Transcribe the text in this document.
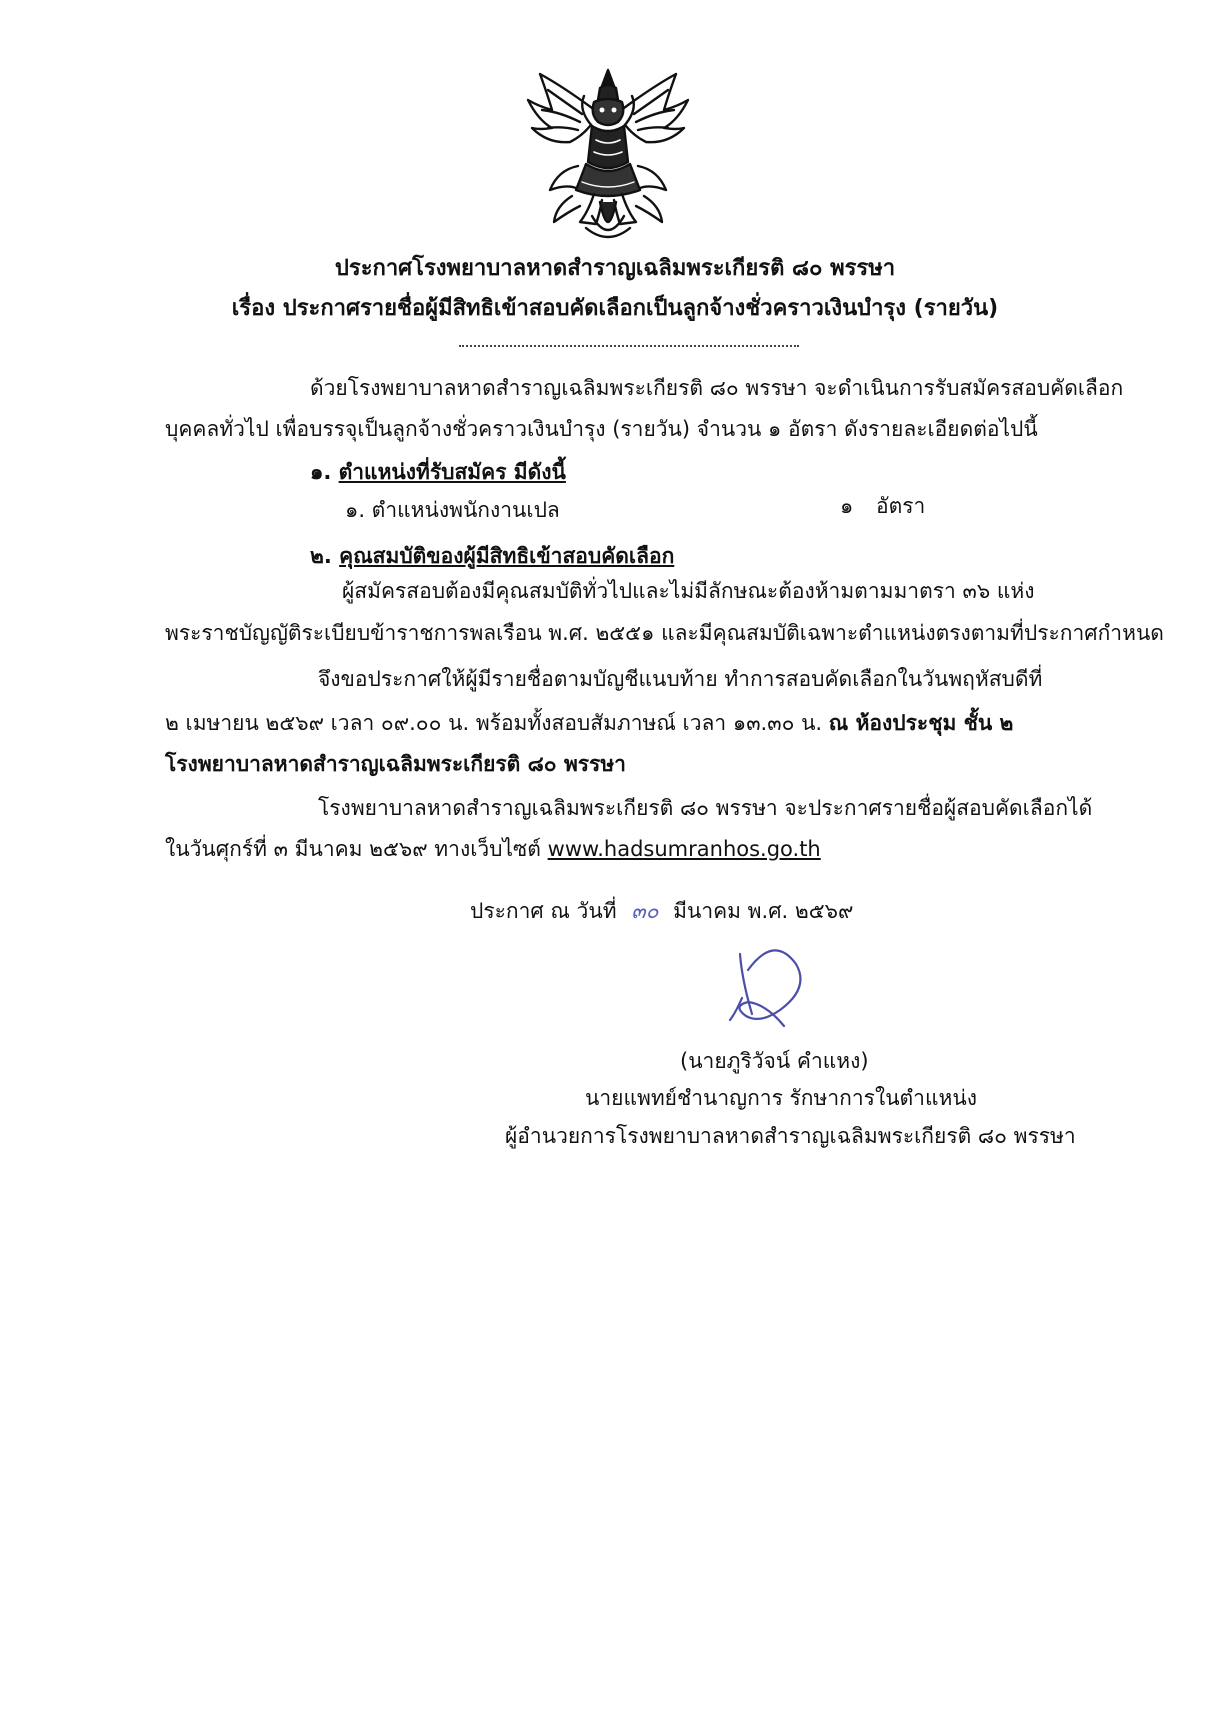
ประกาศโรงพยาบาลหาดสำราญเฉลิมพระเกียรติ ๘๐ พรรษา
เรื่อง ประกาศรายชื่อผู้มีสิทธิเข้าสอบคัดเลือกเป็นลูกจ้างชั่วคราวเงินบำรุง (รายวัน)
ด้วยโรงพยาบาลหาดสำราญเฉลิมพระเกียรติ ๘๐ พรรษา จะดำเนินการรับสมัครสอบคัดเลือก
บุคคลทั่วไป เพื่อบรรจุเป็นลูกจ้างชั่วคราวเงินบำรุง (รายวัน) จำนวน ๑ อัตรา ดังรายละเอียดต่อไปนี้
๑. ตำแหน่งที่รับสมัคร มีดังนี้
๑. ตำแหน่งพนักงานเปล	๑ อัตรา
๒. คุณสมบัติของผู้มีสิทธิเข้าสอบคัดเลือก
ผู้สมัครสอบต้องมีคุณสมบัติทั่วไปและไม่มีลักษณะต้องห้ามตามมาตรา ๓๖ แห่ง
พระราชบัญญัติระเบียบข้าราชการพลเรือน พ.ศ. ๒๕๕๑ และมีคุณสมบัติเฉพาะตำแหน่งตรงตามที่ประกาศกำหนด
จึงขอประกาศให้ผู้มีรายชื่อตามบัญชีแนบท้าย ทำการสอบคัดเลือกในวันพฤหัสบดีที่
๒ เมษายน ๒๕๖๙ เวลา ๐๙.๐๐ น. พร้อมทั้งสอบสัมภาษณ์ เวลา ๑๓.๓๐ น. ณ ห้องประชุม ชั้น ๒
โรงพยาบาลหาดสำราญเฉลิมพระเกียรติ ๘๐ พรรษา
โรงพยาบาลหาดสำราญเฉลิมพระเกียรติ ๘๐ พรรษา จะประกาศรายชื่อผู้สอบคัดเลือกได้
ในวันศุกร์ที่ ๓ มีนาคม ๒๕๖๙ ทางเว็บไซต์ www.hadsumranhos.go.th
ประกาศ ณ วันที่ ๓๐ มีนาคม พ.ศ. ๒๕๖๙
(นายภูริวัจน์ คำแหง)
นายแพทย์ชำนาญการ รักษาการในตำแหน่ง
ผู้อำนวยการโรงพยาบาลหาดสำราญเฉลิมพระเกียรติ ๘๐ พรรษา
